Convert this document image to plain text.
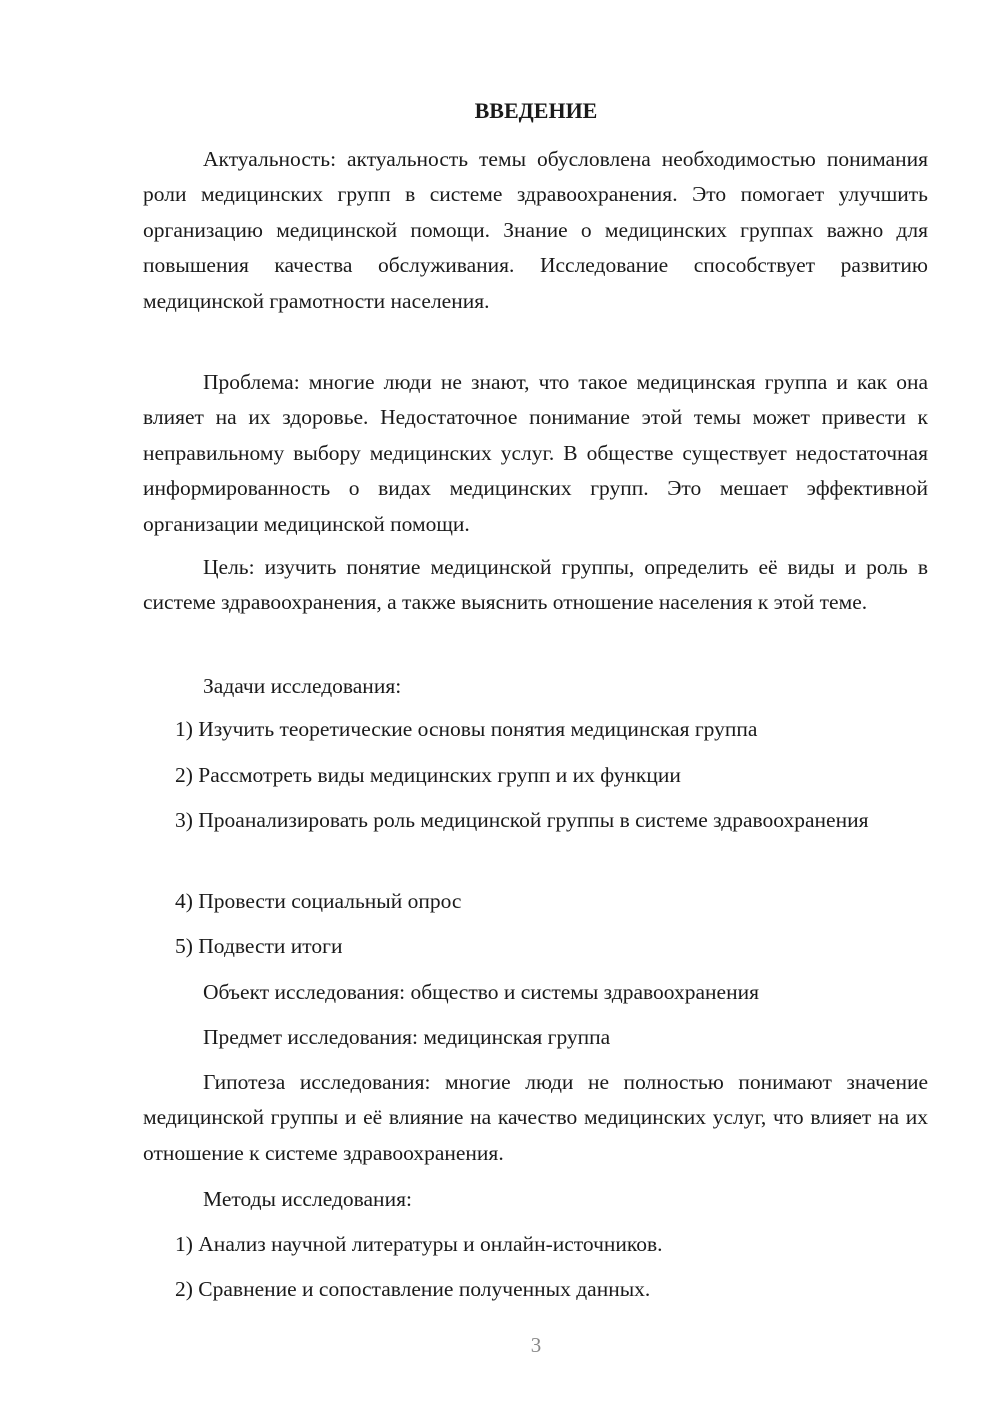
ВВЕДЕНИЕ
Актуальность: актуальность темы обусловлена необходимостью понимания роли медицинских групп в системе здравоохранения. Это помогает улучшить организацию медицинской помощи. Знание о медицинских группах важно для повышения качества обслуживания. Исследование способствует развитию медицинской грамотности населения.
Проблема: многие люди не знают, что такое медицинская группа и как она влияет на их здоровье. Недостаточное понимание этой темы может привести к неправильному выбору медицинских услуг. В обществе существует недостаточная информированность о видах медицинских групп. Это мешает эффективной организации медицинской помощи.
Цель: изучить понятие медицинской группы, определить её виды и роль в системе здравоохранения, а также выяснить отношение населения к этой теме.
Задачи исследования:
1) Изучить теоретические основы понятия медицинская группа
2) Рассмотреть виды медицинских групп и их функции
3) Проанализировать роль медицинской группы в системе здравоохранения
4) Провести социальный опрос
5) Подвести итоги
Объект исследования: общество и системы здравоохранения
Предмет исследования: медицинская группа
Гипотеза исследования: многие люди не полностью понимают значение медицинской группы и её влияние на качество медицинских услуг, что влияет на их отношение к системе здравоохранения.
Методы исследования:
1) Анализ научной литературы и онлайн-источников.
2) Сравнение и сопоставление полученных данных.
3
